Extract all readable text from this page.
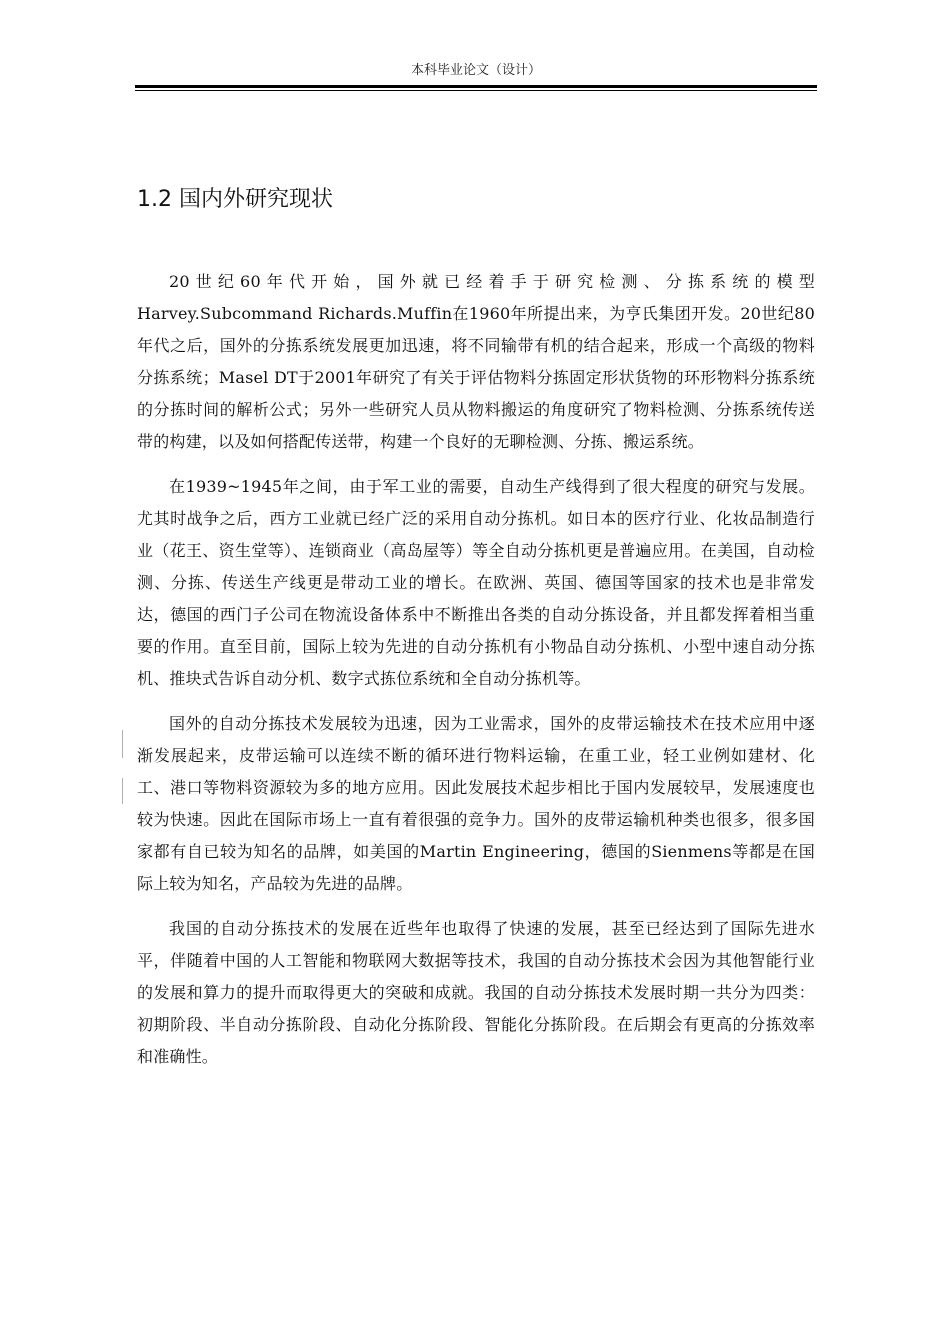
本科毕业论文（设计）
1.2 国内外研究现状

20世纪60年代开始，国外就已经着手于研究检测、分拣系统的模型Harvey.Subcommand Richards.Muffin在1960年所提出来，为亨氏集团开发。20世纪80年代之后，国外的分拣系统发展更加迅速，将不同输带有机的结合起来，形成一个高级的物料分拣系统；Masel DT于2001年研究了有关于评估物料分拣固定形状货物的环形物料分拣系统的分拣时间的解析公式；另外一些研究人员从物料搬运的角度研究了物料检测、分拣系统传送带的构建，以及如何搭配传送带，构建一个良好的无聊检测、分拣、搬运系统。

在1939~1945年之间，由于军工业的需要，自动生产线得到了很大程度的研究与发展。尤其时战争之后，西方工业就已经广泛的采用自动分拣机。如日本的医疗行业、化妆品制造行业（花王、资生堂等）、连锁商业（高岛屋等）等全自动分拣机更是普遍应用。在美国，自动检测、分拣、传送生产线更是带动工业的增长。在欧洲、英国、德国等国家的技术也是非常发达，德国的西门子公司在物流设备体系中不断推出各类的自动分拣设备，并且都发挥着相当重要的作用。直至目前，国际上较为先进的自动分拣机有小物品自动分拣机、小型中速自动分拣机、推块式告诉自动分机、数字式拣位系统和全自动分拣机等。

国外的自动分拣技术发展较为迅速，因为工业需求，国外的皮带运输技术在技术应用中逐渐发展起来，皮带运输可以连续不断的循环进行物料运输，在重工业，轻工业例如建材、化工、港口等物料资源较为多的地方应用。因此发展技术起步相比于国内发展较早，发展速度也较为快速。因此在国际市场上一直有着很强的竞争力。国外的皮带运输机种类也很多，很多国家都有自已较为知名的品牌，如美国的Martin Engineering，德国的Sienmens等都是在国际上较为知名，产品较为先进的品牌。

我国的自动分拣技术的发展在近些年也取得了快速的发展，甚至已经达到了国际先进水平，伴随着中国的人工智能和物联网大数据等技术，我国的自动分拣技术会因为其他智能行业的发展和算力的提升而取得更大的突破和成就。我国的自动分拣技术发展时期一共分为四类：初期阶段、半自动分拣阶段、自动化分拣阶段、智能化分拣阶段。在后期会有更高的分拣效率和准确性。
